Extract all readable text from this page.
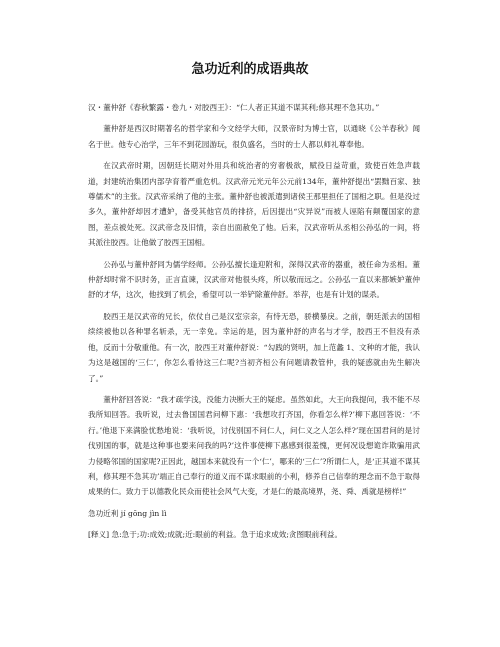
急功近利的成语典故

汉・董仲舒《春秋繁露・卷九・对胶西王》：“仁人者正其道不谋其利;修其理不急其功。”

董仲舒是西汉时期著名的哲学家和今文经学大师，汉景帝时为博士官，以通晓《公羊春秋》闻名于世。他专心治学，三年不到花园游玩，很负盛名，当时的士人都以师礼尊奉他。

在汉武帝时期，因朝廷长期对外用兵和统治者的穷奢极欲，赋役日益苛重，致使百姓急声载道，封建统治集团内部孕育着严重危机。汉武帝元光元年公元前134年，董仲舒提出“罢黜百家、独尊儒术”的主张。汉武帝采纳了他的主张。董仲舒也被派遣到诸侯王那里担任了国相之职。但是没过多久，董仲舒却因才遭妒，备受其他官员的排挤，后因提出“灾异说”而被人诬陷有颠覆国家的意图，差点被处死。汉武帝念及旧情，亲自出面赦免了他。后来，汉武帝听从丞相公孙弘的一间，将其派往胶西。让他做了胶西王国相。

公孙弘与董仲舒同为儒学经师。公孙弘擅长逢迎附和，深得汉武帝的器重，被任命为丞相。董仲舒却时常不识时务，正言直谏，汉武帝对他很头疼，所以敬而远之。公孙弘一直以来都嫉妒董仲舒的才华，这次，他找到了机会，希望可以一举铲除董仲舒。举荐，也是有计划的谋杀。

胶西王是汉武帝的兄长，依仗自己是汉室宗亲，有恃无恐，骄横暴戾。之前，朝廷派去的国相续续被他以各种罪名斩杀，无一幸免。幸运的是，因为董仲舒的声名与才学，胶西王不但没有杀他，反而十分敬重他。有一次，胶西王对董仲舒说：“勾践的贤明，加上范蠡 1、文种的才能，我认为这是越国的‘三仁’，你怎么看待这三仁呢?当初齐桓公有问题请教管仲，我的疑惑就由先生解决了。”

董仲舒回答说：“我才疏学浅，没能力决断大王的疑虑。虽然如此，大王向我提问，我不能不尽我所知回答。我听说，过去鲁国国君问柳下惠：‘我想攻打齐国，你看怎么样?’柳下惠回答说：‘不行。’他退下来满脸忧愁地说：‘我听说，讨伐别国不问仁人，问仁义之人怎么样?’现在国君问的是讨伐别国的事，就是这种事也要来问我的吗?’这件事使柳下惠感到很羞愧，更何况设想诡诈欺骗用武力侵略邻国的国家呢?正因此，越国本来就没有一个‘仁’，哪来的‘三仁’?所谓仁人，是‘正其道不谋其利，修其理不急其功’端正自己奉行的道义而不谋求眼前的小利，修养自己信奉的理念而不急于取得成果的仁。致力于以德教化民众而使社会风气大变，才是仁的最高境界，尧、舜、禹就是榜样!”

急功近利 jí gōng jìn lì

[释义] 急:急于;功:成效;成就;近:眼前的利益。急于追求成效;贪图眼前利益。
